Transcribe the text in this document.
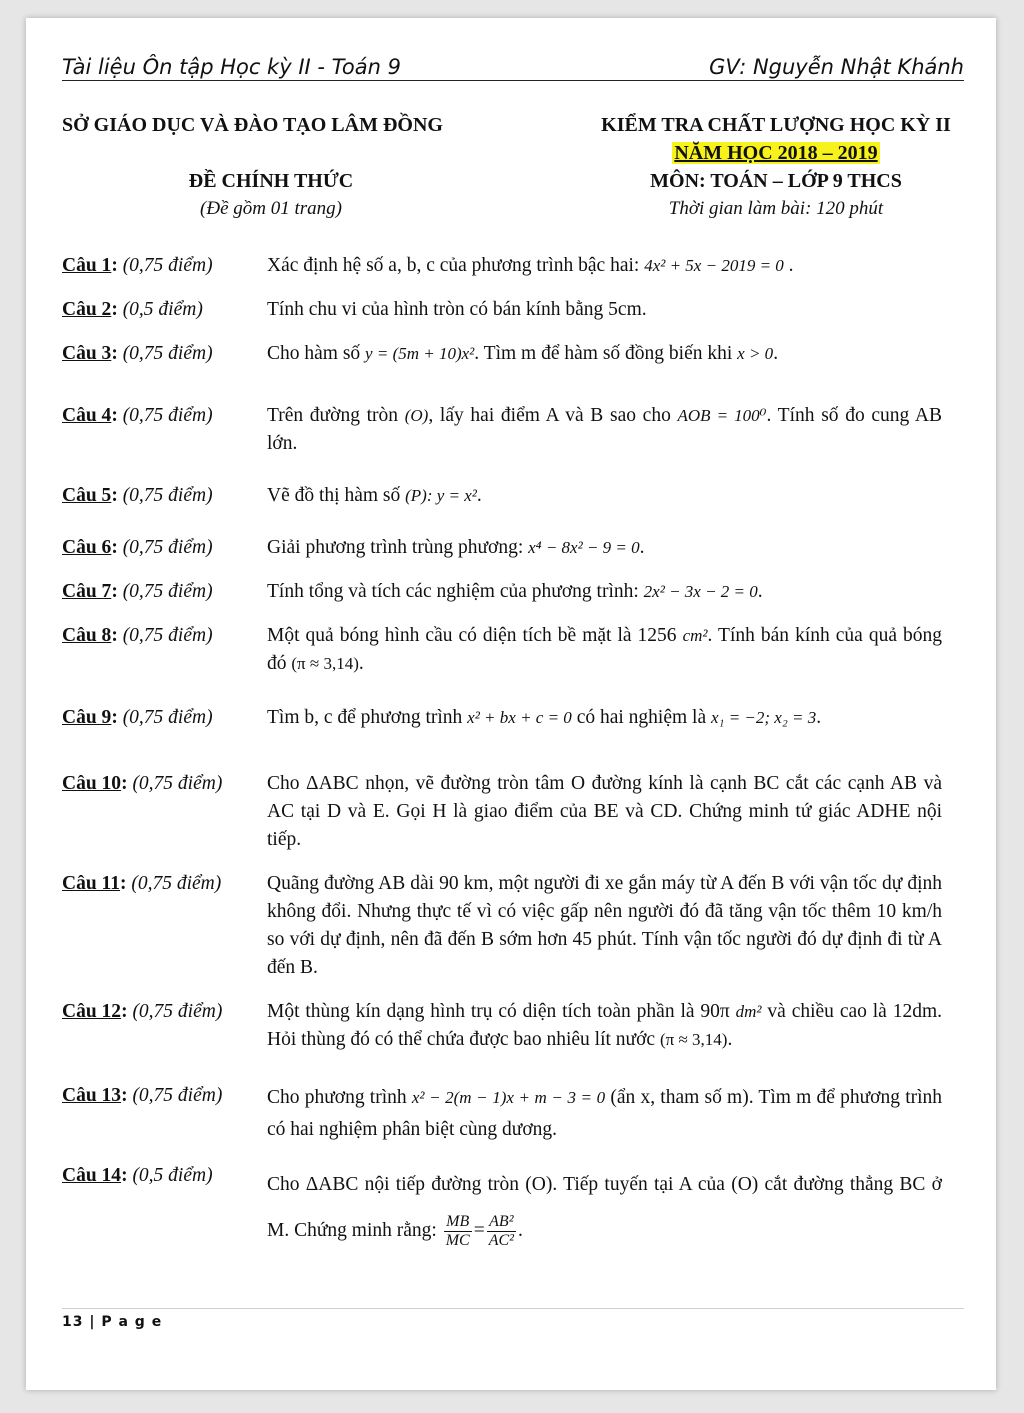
Tài liệu Ôn tập Học kỳ II - Toán 9	GV: Nguyễn Nhật Khánh
SỞ GIÁO DỤC VÀ ĐÀO TẠO LÂM ĐỒNG	KIỂM TRA CHẤT LƯỢNG HỌC KỲ II
NĂM HỌC 2018 – 2019
ĐỀ CHÍNH THỨC
(Đề gồm 01 trang)
MÔN: TOÁN – LỚP 9 THCS
Thời gian làm bài: 120 phút
Câu 1: (0,75 điểm)	Xác định hệ số a, b, c của phương trình bậc hai: 4x² + 5x − 2019 = 0 .
Câu 2: (0,5 điểm)	Tính chu vi của hình tròn có bán kính bằng 5cm.
Câu 3: (0,75 điểm)	Cho hàm số y = (5m + 10)x². Tìm m để hàm số đồng biến khi x > 0.
Câu 4: (0,75 điểm)	Trên đường tròn (O), lấy hai điểm A và B sao cho AOB = 100⁰. Tính số đo cung AB lớn.
Câu 5: (0,75 điểm)	Vẽ đồ thị hàm số (P): y = x².
Câu 6: (0,75 điểm)	Giải phương trình trùng phương: x⁴ − 8x² − 9 = 0.
Câu 7: (0,75 điểm)	Tính tổng và tích các nghiệm của phương trình: 2x² − 3x − 2 = 0.
Câu 8: (0,75 điểm)	Một quả bóng hình cầu có diện tích bề mặt là 1256 cm². Tính bán kính của quả bóng đó (π ≈ 3,14).
Câu 9: (0,75 điểm)	Tìm b, c để phương trình x² + bx + c = 0 có hai nghiệm là x₁ = −2; x₂ = 3.
Câu 10: (0,75 điểm)	Cho ΔABC nhọn, vẽ đường tròn tâm O đường kính là cạnh BC cắt các cạnh AB và AC tại D và E. Gọi H là giao điểm của BE và CD. Chứng minh tứ giác ADHE nội tiếp.
Câu 11: (0,75 điểm)	Quãng đường AB dài 90 km, một người đi xe gắn máy từ A đến B với vận tốc dự định không đổi. Nhưng thực tế vì có việc gấp nên người đó đã tăng vận tốc thêm 10 km/h so với dự định, nên đã đến B sớm hơn 45 phút. Tính vận tốc người đó dự định đi từ A đến B.
Câu 12: (0,75 điểm)	Một thùng kín dạng hình trụ có diện tích toàn phần là 90π dm² và chiều cao là 12dm. Hỏi thùng đó có thể chứa được bao nhiêu lít nước (π ≈ 3,14).
Câu 13: (0,75 điểm)	Cho phương trình x² − 2(m − 1)x + m − 3 = 0 (ẩn x, tham số m). Tìm m để phương trình có hai nghiệm phân biệt cùng dương.
Câu 14: (0,5 điểm)	Cho ΔABC nội tiếp đường tròn (O). Tiếp tuyến tại A của (O) cắt đường thẳng BC ở M. Chứng minh rằng: $\frac{MB}{MC} = \frac{\text{AB²}}{\text{AC²}}$ .
13 | P a g e
